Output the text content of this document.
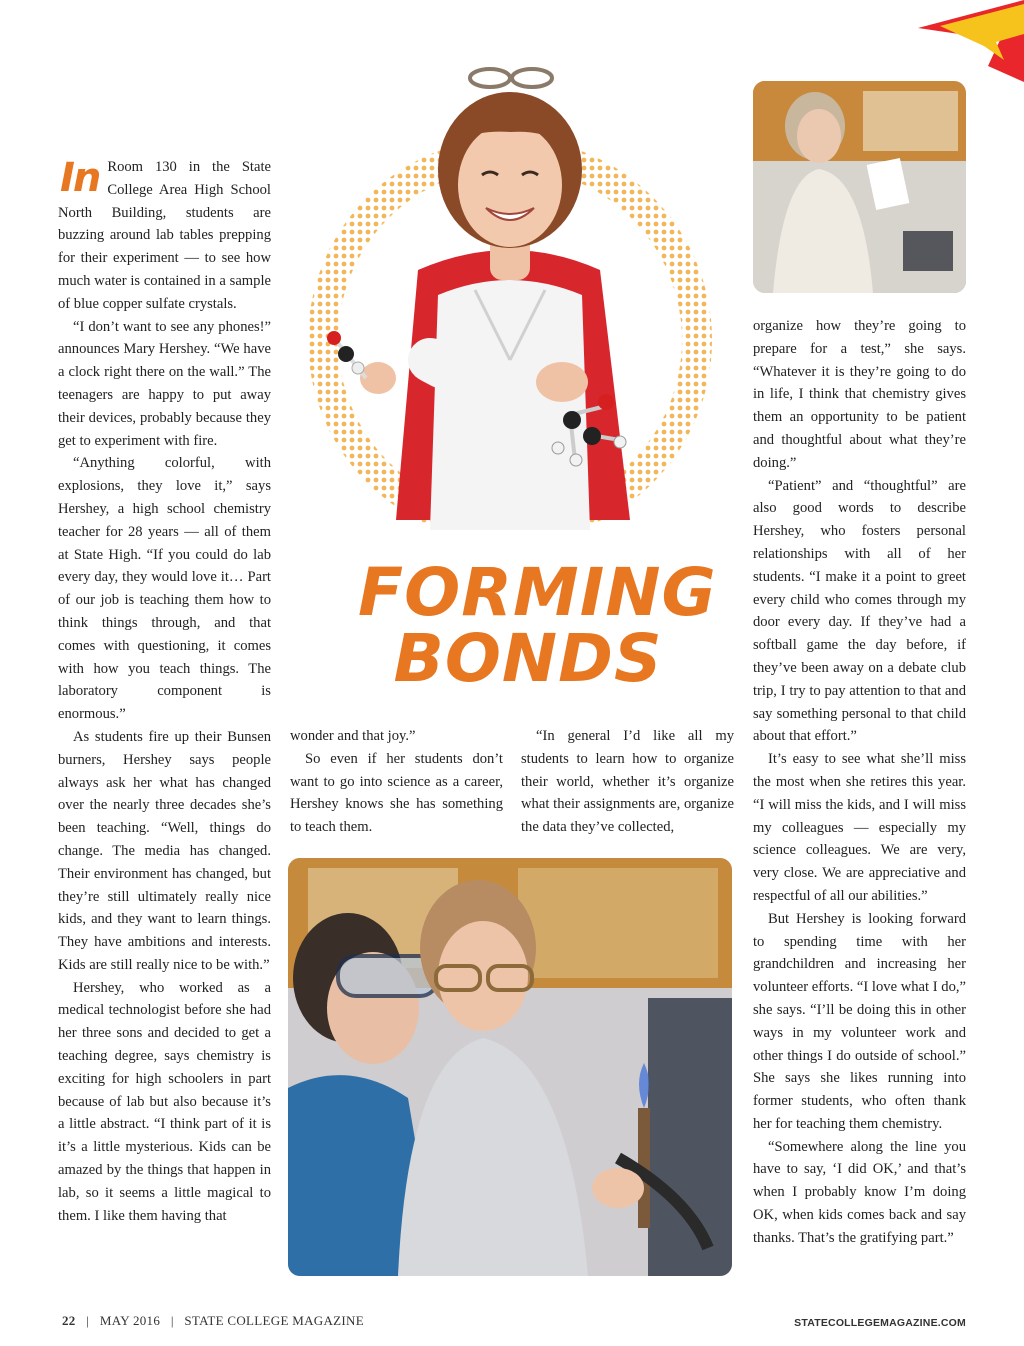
FORMING
BONDS

In Room 130 in the State College Area High School North Building, students are buzzing around lab tables prepping for their experiment — to see how much water is contained in a sample of blue copper sulfate crystals.

“I don’t want to see any phones!” announces Mary Hershey. “We have a clock right there on the wall.” The teenagers are happy to put away their devices, probably because they get to experiment with fire.

“Anything colorful, with explosions, they love it,” says Hershey, a high school chemistry teacher for 28 years — all of them at State High. “If you could do lab every day, they would love it… Part of our job is teaching them how to think things through, and that comes with questioning, it comes with how you teach things. The laboratory component is enormous.”

As students fire up their Bunsen burners, Hershey says people always ask her what has changed over the nearly three decades she’s been teaching. “Well, things do change. The media has changed. Their environment has changed, but they’re still ultimately really nice kids, and they want to learn things. They have ambitions and interests. Kids are still really nice to be with.”

Hershey, who worked as a medical technologist before she had her three sons and decided to get a teaching degree, says chemistry is exciting for high schoolers in part because of lab but also because it’s a little abstract. “I think part of it is it’s a little mysterious. Kids can be amazed by the things that happen in lab, so it seems a little magical to them. I like them having that

wonder and that joy.”

So even if her students don’t want to go into science as a career, Hershey knows she has something to teach them.

“In general I’d like all my students to learn how to organize their world, whether it’s organize what their assignments are, organize the data they’ve collected,

organize how they’re going to prepare for a test,” she says. “Whatever it is they’re going to do in life, I think that chemistry gives them an opportunity to be patient and thoughtful about what they’re doing.”

“Patient” and “thoughtful” are also good words to describe Hershey, who fosters personal relationships with all of her students. “I make it a point to greet every child who comes through my door every day. If they’ve had a softball game the day before, if they’ve been away on a debate club trip, I try to pay attention to that and say something personal to that child about that effort.”

It’s easy to see what she’ll miss the most when she retires this year. “I will miss the kids, and I will miss my colleagues — especially my science colleagues. We are very, very close. We are appreciative and respectful of all our abilities.”

But Hershey is looking forward to spending time with her grandchildren and increasing her volunteer efforts. “I love what I do,” she says. “I’ll be doing this in other ways in my volunteer work and other things I do outside of school.” She says she likes running into former students, who often thank her for teaching them chemistry.

“Somewhere along the line you have to say, ‘I did OK,’ and that’s when I probably know I’m doing OK, when kids comes back and say thanks. That’s the gratifying part.”

22   |   MAY 2016   |   STATE COLLEGE MAGAZINE	STATECOLLEGEMAGAZINE.COM
